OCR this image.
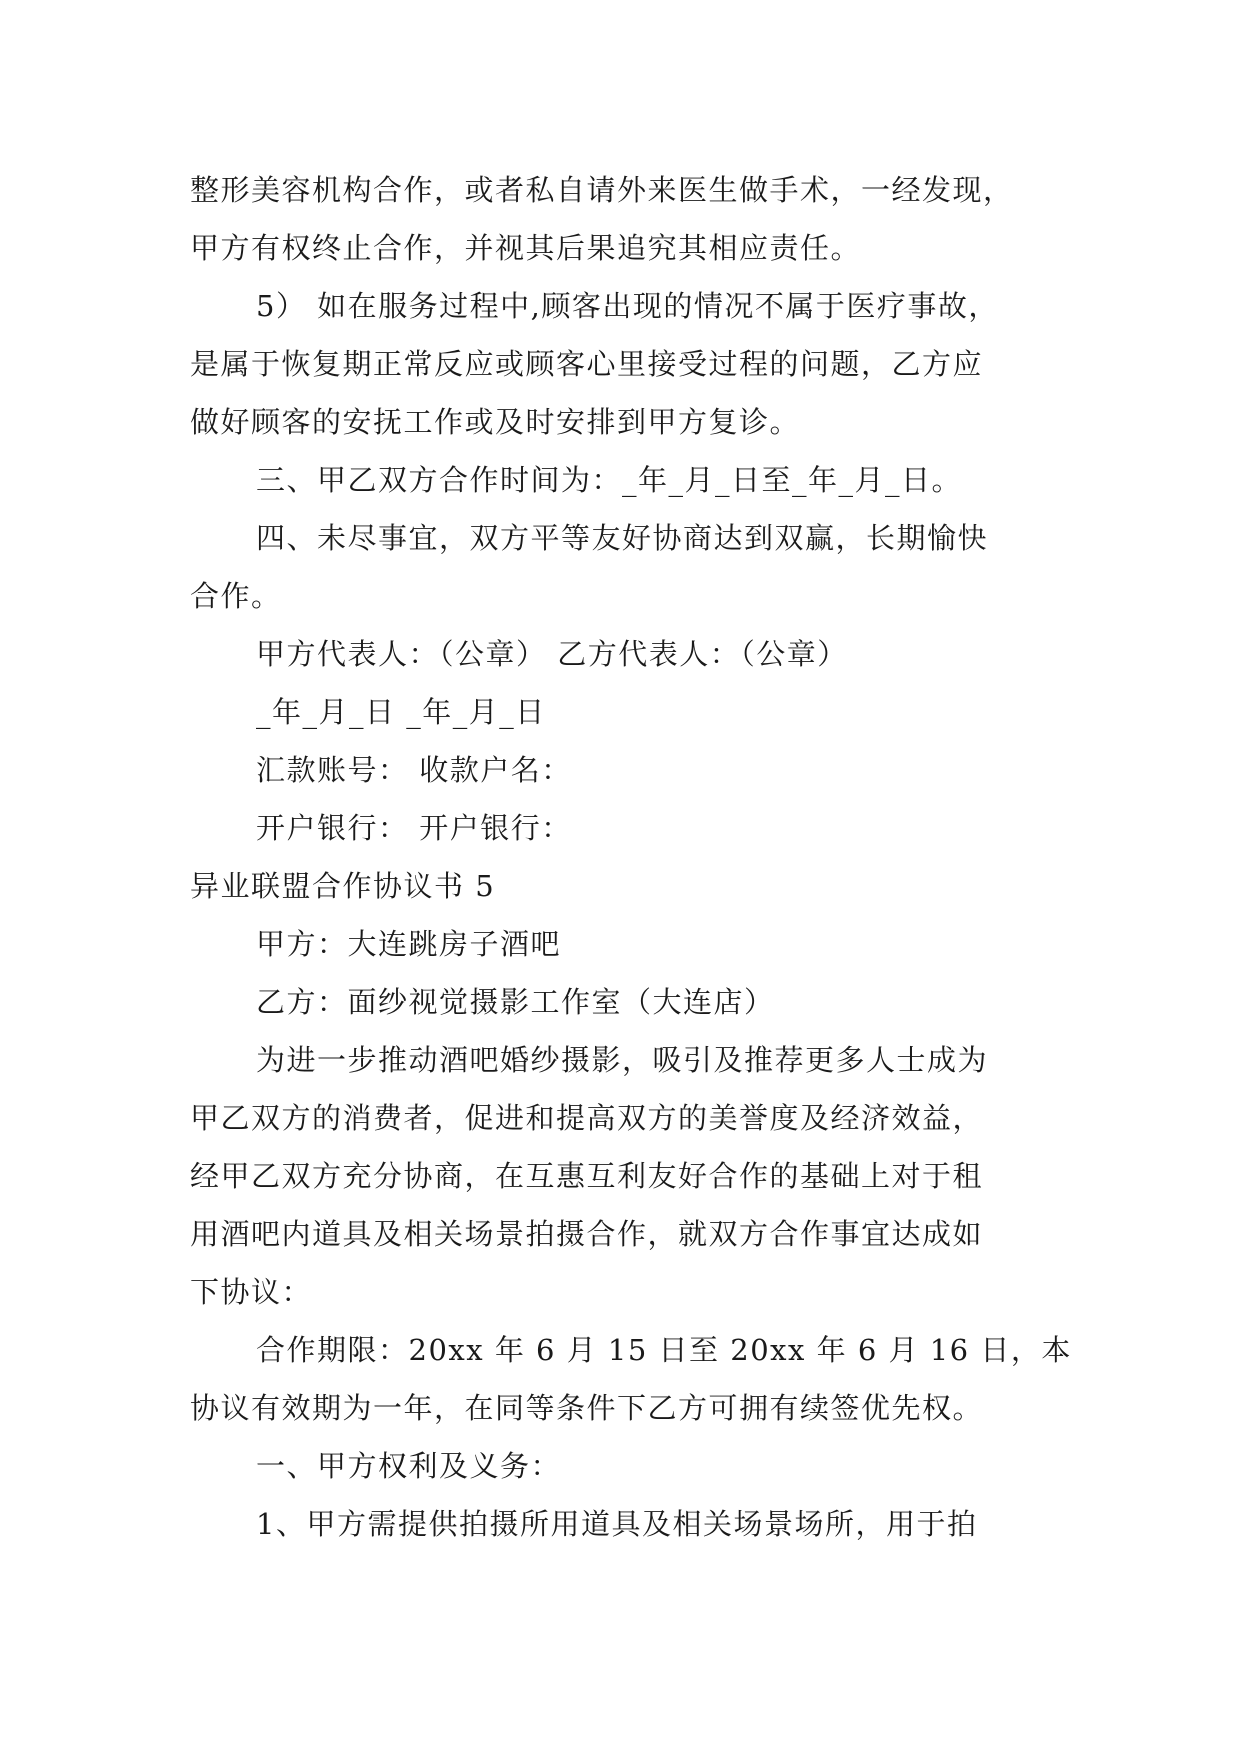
整形美容机构合作，或者私自请外来医生做手术，一经发现，
甲方有权终止合作，并视其后果追究其相应责任。
5） 如在服务过程中,顾客出现的情况不属于医疗事故，
是属于恢复期正常反应或顾客心里接受过程的问题，乙方应
做好顾客的安抚工作或及时安排到甲方复诊。
三、甲乙双方合作时间为：_年_月_日至_年_月_日。
四、未尽事宜，双方平等友好协商达到双赢，长期愉快
合作。
甲方代表人：（公章） 乙方代表人：（公章）
_年_月_日 _年_月_日
汇款账号： 收款户名：
开户银行： 开户银行：
异业联盟合作协议书 5
甲方：大连跳房子酒吧
乙方：面纱视觉摄影工作室（大连店）
为进一步推动酒吧婚纱摄影，吸引及推荐更多人士成为
甲乙双方的消费者，促进和提高双方的美誉度及经济效益，
经甲乙双方充分协商，在互惠互利友好合作的基础上对于租
用酒吧内道具及相关场景拍摄合作，就双方合作事宜达成如
下协议：
合作期限：20xx 年 6 月 15 日至 20xx 年 6 月 16 日，本
协议有效期为一年，在同等条件下乙方可拥有续签优先权。
一、甲方权利及义务：
1、甲方需提供拍摄所用道具及相关场景场所，用于拍
